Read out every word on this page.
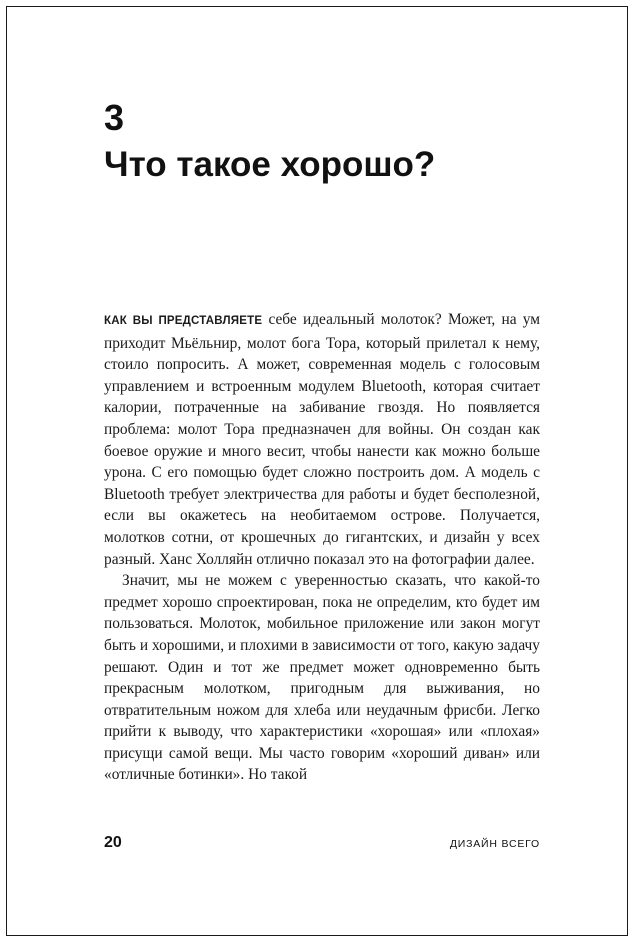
3
Что такое хорошо?

КАК ВЫ ПРЕДСТАВЛЯЕТЕ себе идеальный молоток? Может, на ум приходит Мьёльнир, молот бога Тора, который прилетал к нему, стоило попросить. А может, современная модель с голосовым управлением и встроенным модулем Bluetooth, которая считает калории, потраченные на забивание гвоздя. Но появляется проблема: молот Тора предназначен для войны. Он создан как боевое оружие и много весит, чтобы нанести как можно больше урона. С его помощью будет сложно построить дом. А модель с Bluetooth требует электричества для работы и будет бесполезной, если вы окажетесь на необитаемом острове. Получается, молотков сотни, от крошечных до гигантских, и дизайн у всех разный. Ханс Холляйн отлично показал это на фотографии далее.

Значит, мы не можем с уверенностью сказать, что какой-то предмет хорошо спроектирован, пока не определим, кто будет им пользоваться. Молоток, мобильное приложение или закон могут быть и хорошими, и плохими в зависимости от того, какую задачу решают. Один и тот же предмет может одновременно быть прекрасным молотком, пригодным для выживания, но отвратительным ножом для хлеба или неудачным фрисби. Легко прийти к выводу, что характеристики «хорошая» или «плохая» присущи самой вещи. Мы часто говорим «хороший диван» или «отличные ботинки». Но такой

20	ДИЗАЙН ВСЕГО
